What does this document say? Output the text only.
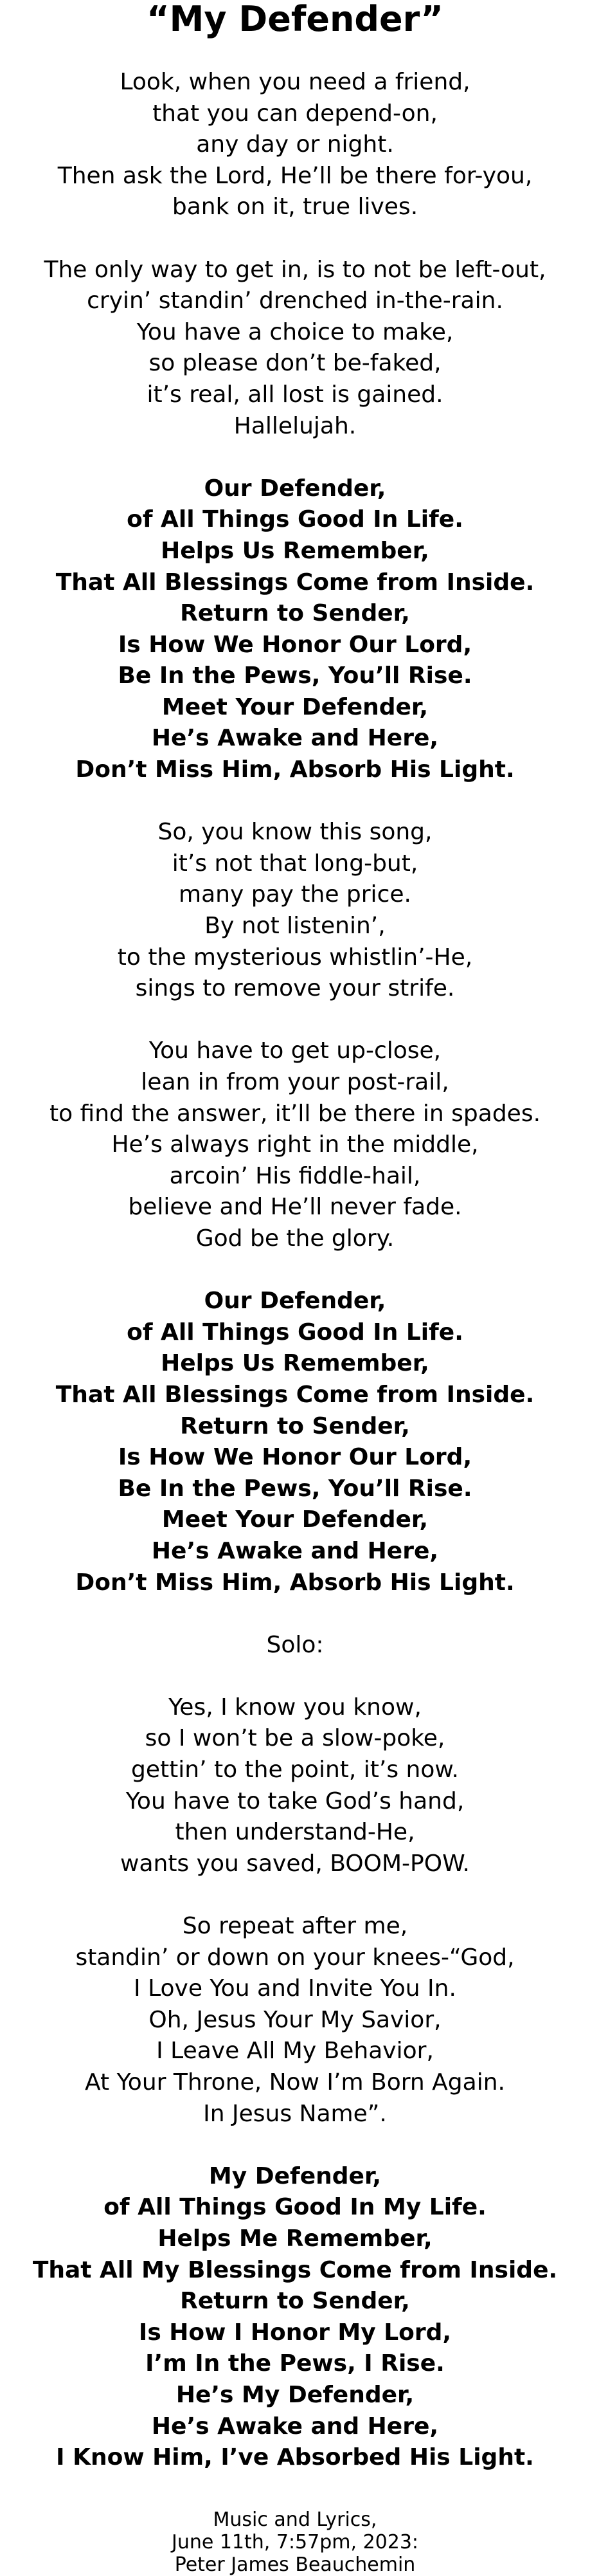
“My Defender”
Look, when you need a friend,
that you can depend-on,
any day or night.
Then ask the Lord, He’ll be there for-you,
bank on it, true lives.
The only way to get in, is to not be left-out,
cryin’ standin’ drenched in-the-rain.
You have a choice to make,
so please don’t be-faked,
it’s real, all lost is gained.
Hallelujah.
Our Defender,
of All Things Good In Life.
Helps Us Remember,
That All Blessings Come from Inside.
Return to Sender,
Is How We Honor Our Lord,
Be In the Pews, You’ll Rise.
Meet Your Defender,
He’s Awake and Here,
Don’t Miss Him, Absorb His Light.
So, you know this song,
it’s not that long-but,
many pay the price.
By not listenin’,
to the mysterious whistlin’-He,
sings to remove your strife.
You have to get up-close,
lean in from your post-rail,
to find the answer, it’ll be there in spades.
He’s always right in the middle,
arcoin’ His fiddle-hail,
believe and He’ll never fade.
God be the glory.
Our Defender,
of All Things Good In Life.
Helps Us Remember,
That All Blessings Come from Inside.
Return to Sender,
Is How We Honor Our Lord,
Be In the Pews, You’ll Rise.
Meet Your Defender,
He’s Awake and Here,
Don’t Miss Him, Absorb His Light.
Solo:
Yes, I know you know,
so I won’t be a slow-poke,
gettin’ to the point, it’s now.
You have to take God’s hand,
then understand-He,
wants you saved, BOOM-POW.
So repeat after me,
standin’ or down on your knees-“God,
I Love You and Invite You In.
Oh, Jesus Your My Savior,
I Leave All My Behavior,
At Your Throne, Now I’m Born Again.
In Jesus Name”.
My Defender,
of All Things Good In My Life.
Helps Me Remember,
That All My Blessings Come from Inside.
Return to Sender,
Is How I Honor My Lord,
I’m In the Pews, I Rise.
He’s My Defender,
He’s Awake and Here,
I Know Him, I’ve Absorbed His Light.
Music and Lyrics,
June 11th, 7:57pm, 2023:
Peter James Beauchemin
